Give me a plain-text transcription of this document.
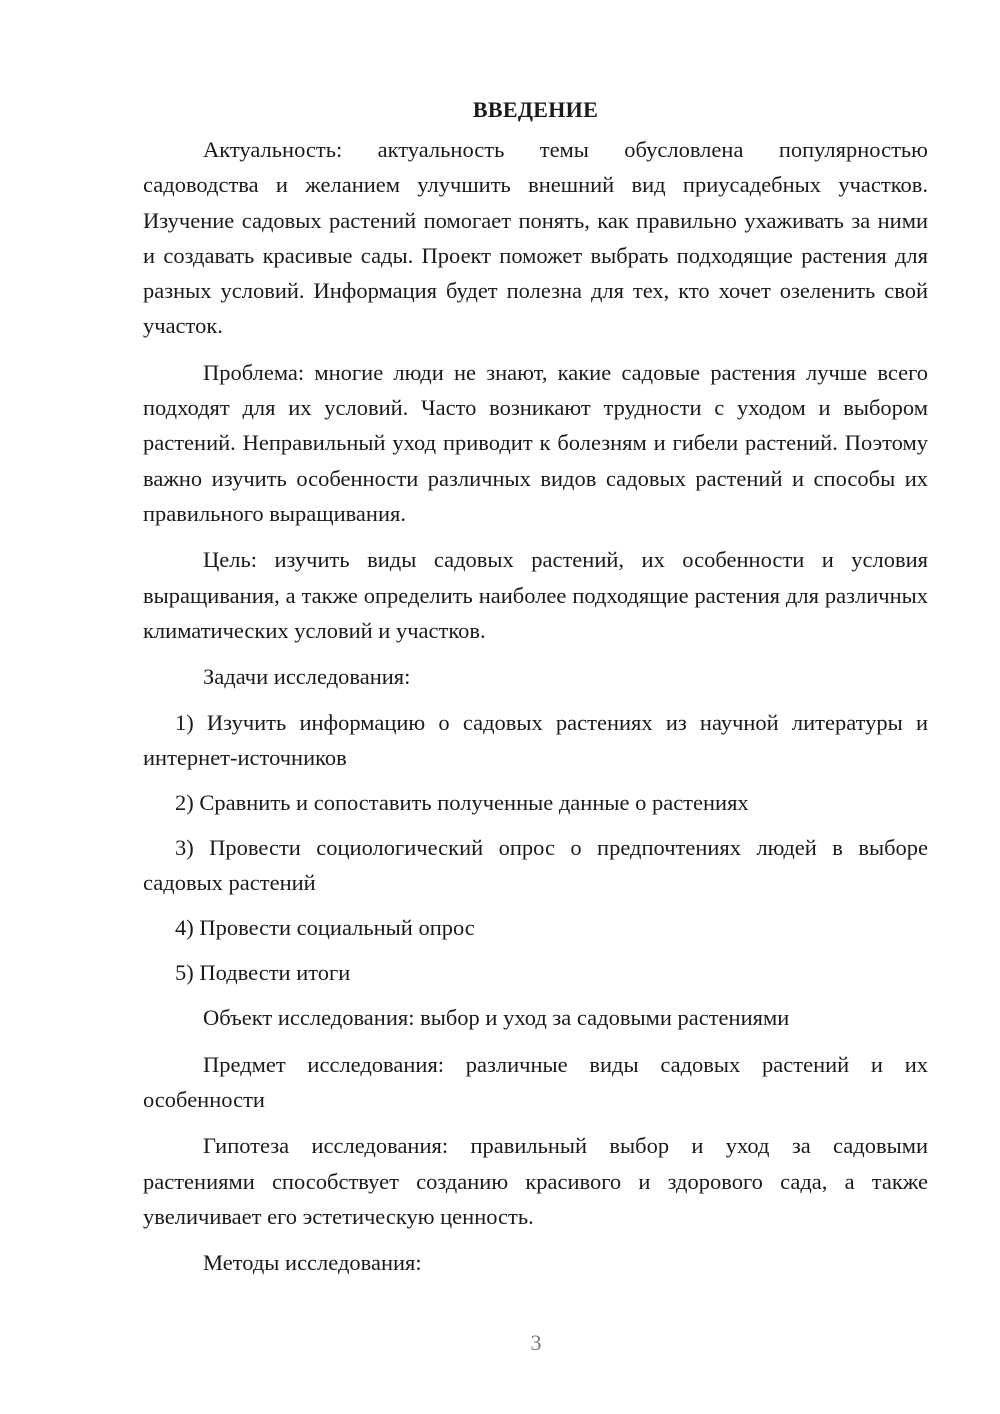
ВВЕДЕНИЕ

Актуальность: актуальность темы обусловлена популярностью садоводства и желанием улучшить внешний вид приусадебных участков. Изучение садовых растений помогает понять, как правильно ухаживать за ними и создавать красивые сады. Проект поможет выбрать подходящие растения для разных условий. Информация будет полезна для тех, кто хочет озеленить свой участок.

Проблема: многие люди не знают, какие садовые растения лучше всего подходят для их условий. Часто возникают трудности с уходом и выбором растений. Неправильный уход приводит к болезням и гибели растений. Поэтому важно изучить особенности различных видов садовых растений и способы их правильного выращивания.

Цель: изучить виды садовых растений, их особенности и условия выращивания, а также определить наиболее подходящие растения для различных климатических условий и участков.

Задачи исследования:

1) Изучить информацию о садовых растениях из научной литературы и интернет-источников

2) Сравнить и сопоставить полученные данные о растениях

3) Провести социологический опрос о предпочтениях людей в выборе садовых растений

4) Провести социальный опрос

5) Подвести итоги

Объект исследования: выбор и уход за садовыми растениями

Предмет исследования: различные виды садовых растений и их особенности

Гипотеза исследования: правильный выбор и уход за садовыми растениями способствует созданию красивого и здорового сада, а также увеличивает его эстетическую ценность.

Методы исследования:

3
